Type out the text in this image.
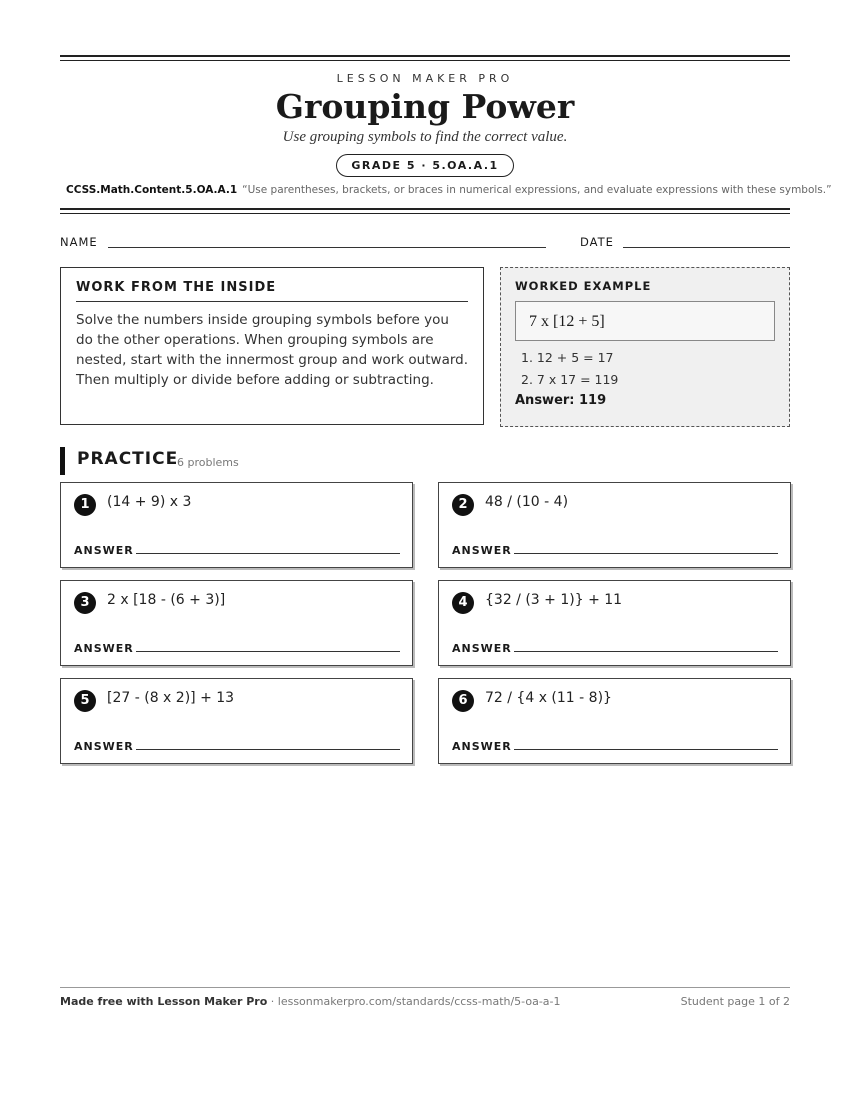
LESSON MAKER PRO
Grouping Power
Use grouping symbols to find the correct value.
GRADE 5 · 5.OA.A.1
CCSS.Math.Content.5.OA.A.1 “Use parentheses, brackets, or braces in numerical expressions, and evaluate expressions with these symbols.”
NAME	DATE
WORK FROM THE INSIDE
Solve the numbers inside grouping symbols before you do the other operations. When grouping symbols are nested, start with the innermost group and work outward. Then multiply or divide before adding or subtracting.
WORKED EXAMPLE
7 x [12 + 5]
1. 12 + 5 = 17
2. 7 x 17 = 119
Answer: 119
PRACTICE
6 problems
1	(14 + 9) x 3
ANSWER
2	48 / (10 - 4)
ANSWER
3	2 x [18 - (6 + 3)]
ANSWER
4	{32 / (3 + 1)} + 11
ANSWER
5	[27 - (8 x 2)] + 13
ANSWER
6	72 / {4 x (11 - 8)}
ANSWER
Made free with Lesson Maker Pro · lessonmakerpro.com/standards/ccss-math/5-oa-a-1	Student page 1 of 2
